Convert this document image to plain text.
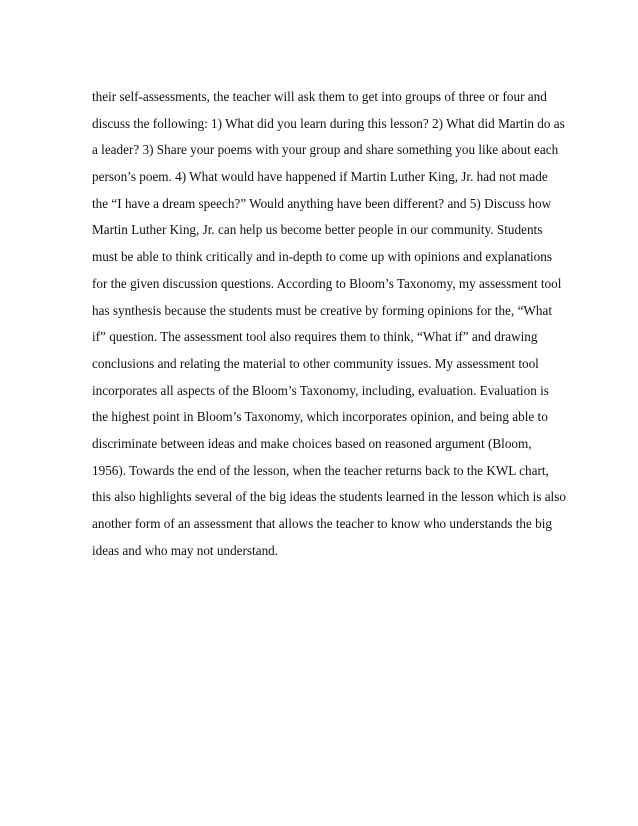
their self-assessments, the teacher will ask them to get into groups of three or four and
discuss the following: 1) What did you learn during this lesson? 2) What did Martin do as
a leader? 3) Share your poems with your group and share something you like about each
person’s poem. 4) What would have happened if Martin Luther King, Jr. had not made
the “I have a dream speech?” Would anything have been different? and 5) Discuss how
Martin Luther King, Jr. can help us become better people in our community. Students
must be able to think critically and in-depth to come up with opinions and explanations
for the given discussion questions. According to Bloom’s Taxonomy, my assessment tool
has synthesis because the students must be creative by forming opinions for the, “What
if” question. The assessment tool also requires them to think, “What if” and drawing
conclusions and relating the material to other community issues. My assessment tool
incorporates all aspects of the Bloom’s Taxonomy, including, evaluation. Evaluation is
the highest point in Bloom’s Taxonomy, which incorporates opinion, and being able to
discriminate between ideas and make choices based on reasoned argument (Bloom,
1956). Towards the end of the lesson, when the teacher returns back to the KWL chart,
this also highlights several of the big ideas the students learned in the lesson which is also
another form of an assessment that allows the teacher to know who understands the big
ideas and who may not understand.
